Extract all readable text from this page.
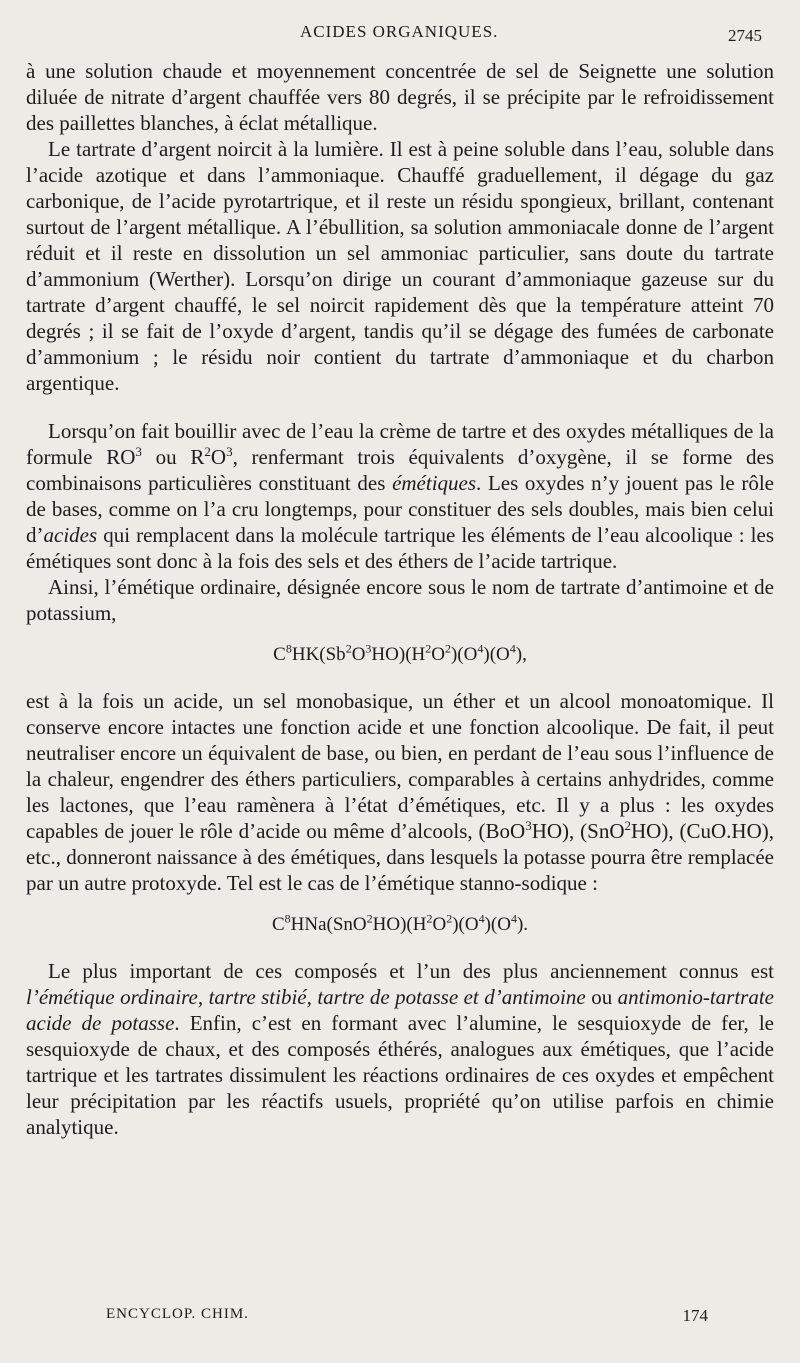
ACIDES ORGANIQUES.	2745

à une solution chaude et moyennement concentrée de sel de Seignette une solution diluée de nitrate d’argent chauffée vers 80 degrés, il se précipite par le refroidissement des paillettes blanches, à éclat métallique.

Le tartrate d’argent noircit à la lumière. Il est à peine soluble dans l’eau, soluble dans l’acide azotique et dans l’ammoniaque. Chauffé graduellement, il dégage du gaz carbonique, de l’acide pyrotartrique, et il reste un résidu spongieux, brillant, contenant surtout de l’argent métallique. A l’ébullition, sa solution ammoniacale donne de l’argent réduit et il reste en dissolution un sel ammoniac particulier, sans doute du tartrate d’ammonium (Werther). Lorsqu’on dirige un courant d’ammoniaque gazeuse sur du tartrate d’argent chauffé, le sel noircit rapidement dès que la température atteint 70 degrés ; il se fait de l’oxyde d’argent, tandis qu’il se dégage des fumées de carbonate d’ammonium ; le résidu noir contient du tartrate d’ammoniaque et du charbon argentique.

Lorsqu’on fait bouillir avec de l’eau la crème de tartre et des oxydes métalliques de la formule $RO^3$ ou $R^2O^3$, renfermant trois équivalents d’oxygène, il se forme des combinaisons particulières constituant des émétiques. Les oxydes n’y jouent pas le rôle de bases, comme on l’a cru longtemps, pour constituer des sels doubles, mais bien celui d’acides qui remplacent dans la molécule tartrique les éléments de l’eau alcoolique : les émétiques sont donc à la fois des sels et des éthers de l’acide tartrique.

Ainsi, l’émétique ordinaire, désignée encore sous le nom de tartrate d’antimoine et de potassium,

$C^8HK(Sb^2O^3HO)(H^2O^2)(O^4)(O^4)$,

est à la fois un acide, un sel monobasique, un éther et un alcool monoatomique. Il conserve encore intactes une fonction acide et une fonction alcoolique. De fait, il peut neutraliser encore un équivalent de base, ou bien, en perdant de l’eau sous l’influence de la chaleur, engendrer des éthers particuliers, comparables à certains anhydrides, comme les lactones, que l’eau ramènera à l’état d’émétiques, etc. Il y a plus : les oxydes capables de jouer le rôle d’acide ou même d’alcools, (BoO$^3$HO), (SnO$^2$HO), (CuO.HO), etc., donneront naissance à des émétiques, dans lesquels la potasse pourra être remplacée par un autre protoxyde. Tel est le cas de l’émétique stanno-sodique :

$C^8HNa(SnO^2HO)(H^2O^2)(O^4)(O^4)$.

Le plus important de ces composés et l’un des plus anciennement connus est l’émétique ordinaire, tartre stibié, tartre de potasse et d’antimoine ou antimonio-tartrate acide de potasse. Enfin, c’est en formant avec l’alumine, le sesquioxyde de fer, le sesquioxyde de chaux, et des composés éthérés, analogues aux émétiques, que l’acide tartrique et les tartrates dissimulent les réactions ordinaires de ces oxydes et empêchent leur précipitation par les réactifs usuels, propriété qu’on utilise parfois en chimie analytique.

ENCYCLOP. CHIM.	174
